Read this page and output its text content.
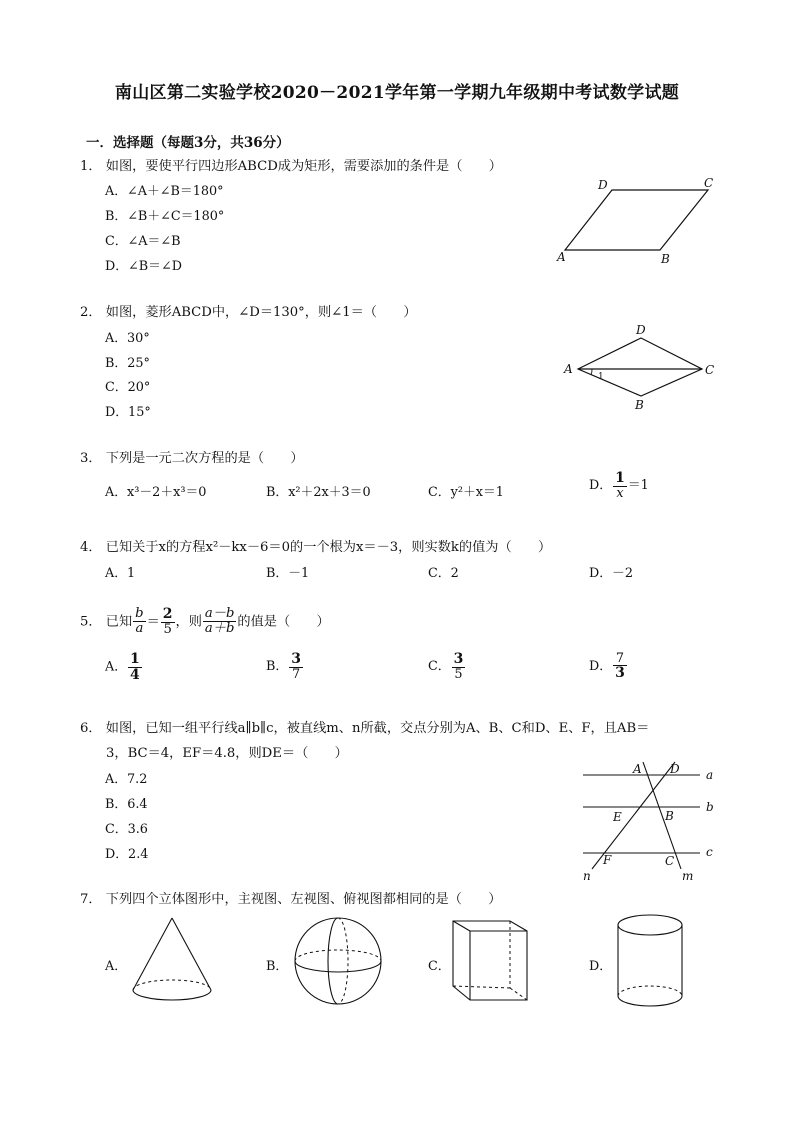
南山区第二实验学校2020－2021学年第一学期九年级期中考试数学试题
一．选择题（每题3分，共36分）
1． 如图，要使平行四边形ABCD成为矩形，需要添加的条件是（　　）
A．∠A＋∠B＝180°
B．∠B＋∠C＝180°
C．∠A＝∠B
D．∠B＝∠D
A	B
C
D
2． 如图，菱形ABCD中，∠D＝130°，则∠1＝（　　）
A．30°
B．25°
C．20°
D．15°
A
B
C
D
1
3． 下列是一元二次方程的是（　　）
A．x³－2＋x³＝0	B．x²＋2x＋3＝0	C．y²＋x＝1	D． $\frac{1}{x} =1$
4． 已知关于x的方程x²－kx－6＝0的一个根为x＝－3，则实数k的值为（　　）
A．1	B．－1	C．2	D．－2
5． 已知 $\frac{b}{a} = \frac{2}{5}$ ，则 $\frac{a-b}{a+b}$ 的值是（　　）
A． $\frac{1}{4}$	B． $\frac{3}{7}$	C． $\frac{3}{5}$	D． $\frac{7}{3}$
6． 如图，已知一组平行线a∥b∥c，被直线m、n所截，交点分别为A、B、C和D、E、F，且AB＝
3，BC＝4，EF＝4.8，则DE＝（　　）
A．7.2
B．6.4
C．3.6
D．2.4
A D a
E	B
b
F	C
c
n	m
7． 下列四个立体图形中，主视图、左视图、俯视图都相同的是（　　）
A．	B．	C．	D．
